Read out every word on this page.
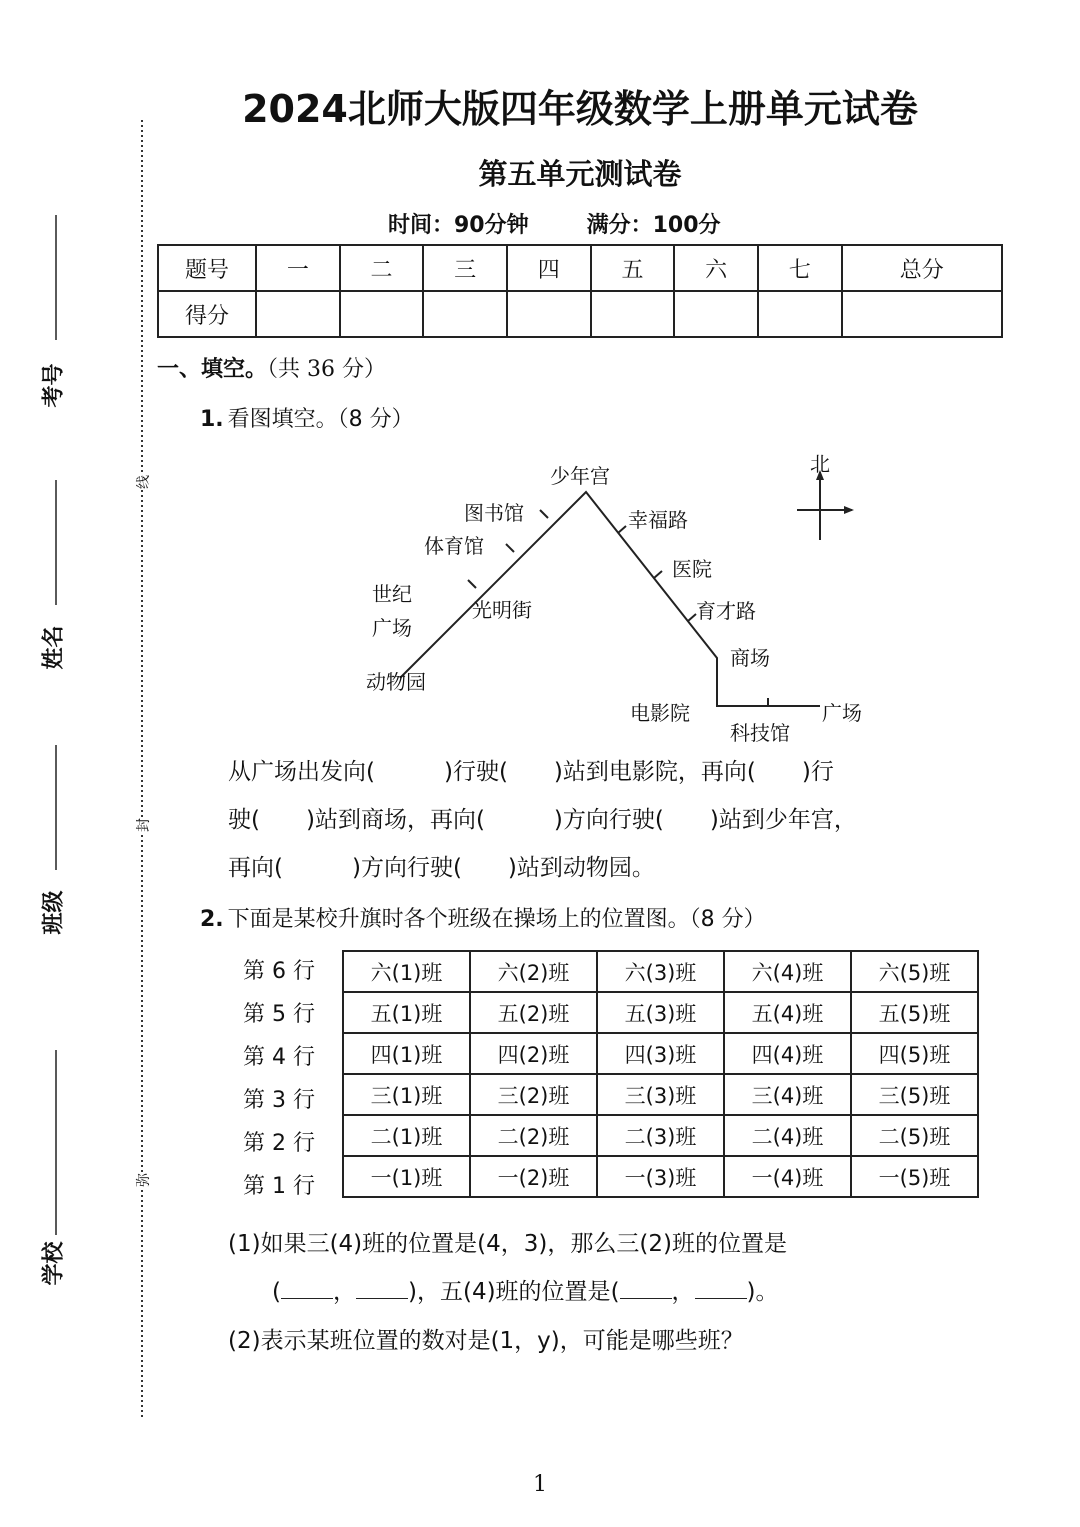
考号
姓名
班级
学校
线
封
弥
2024北师大版四年级数学上册单元试卷
第五单元测试卷
时间：90分钟	满分：100分
题号	一	二	三	四	五	六	七	总分
得分								
一、填空。（共 36 分）
1. 看图填空。（8 分）
北
少年宫
图书馆
体育馆
世纪
广场
光明街
动物园
幸福路
医院
育才路
商场
电影院
科技馆
广场
从广场出发向(　　　)行驶(　　)站到电影院，再向(　　)行
驶(　　)站到商场，再向(　　　)方向行驶(　　)站到少年宫，
再向(　　　)方向行驶(　　)站到动物园。
2. 下面是某校升旗时各个班级在操场上的位置图。（8 分）
第 6 行
第 5 行
第 4 行
第 3 行
第 2 行
第 1 行
六(1)班	六(2)班	六(3)班	六(4)班	六(5)班
五(1)班	五(2)班	五(3)班	五(4)班	五(5)班
四(1)班	四(2)班	四(3)班	四(4)班	四(5)班
三(1)班	三(2)班	三(3)班	三(4)班	三(5)班
二(1)班	二(2)班	二(3)班	二(4)班	二(5)班
一(1)班	一(2)班	一(3)班	一(4)班	一(5)班
(1)如果三(4)班的位置是(4，3)，那么三(2)班的位置是
( ， )，五(4)班的位置是( ， )。
(2)表示某班位置的数对是(1，y)，可能是哪些班？
1
